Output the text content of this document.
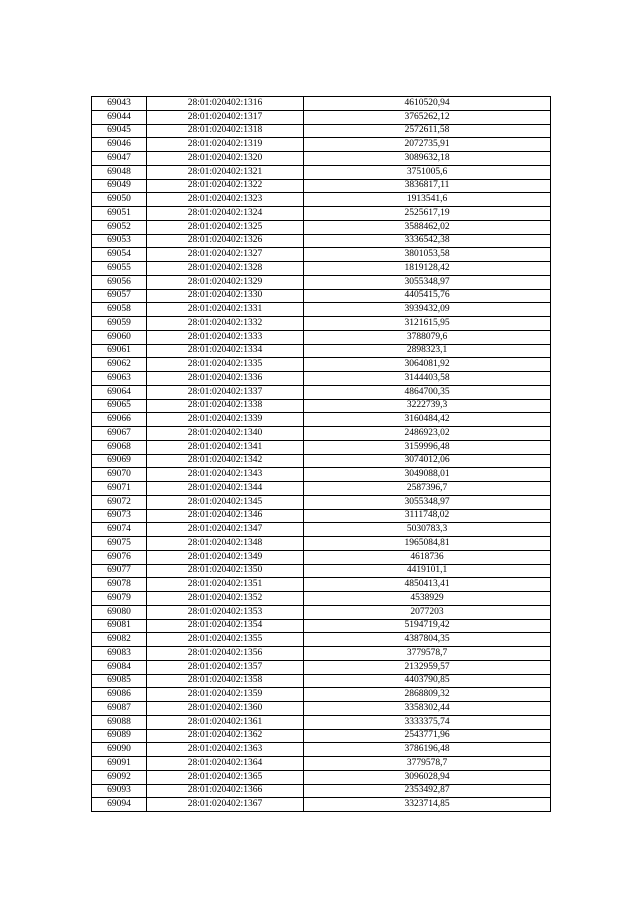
69043	28:01:020402:1316	4610520,94
69044	28:01:020402:1317	3765262,12
69045	28:01:020402:1318	2572611,58
69046	28:01:020402:1319	2072735,91
69047	28:01:020402:1320	3089632,18
69048	28:01:020402:1321	3751005,6
69049	28:01:020402:1322	3836817,11
69050	28:01:020402:1323	1913541,6
69051	28:01:020402:1324	2525617,19
69052	28:01:020402:1325	3588462,02
69053	28:01:020402:1326	3336542,38
69054	28:01:020402:1327	3801053,58
69055	28:01:020402:1328	1819128,42
69056	28:01:020402:1329	3055348,97
69057	28:01:020402:1330	4405415,76
69058	28:01:020402:1331	3939432,09
69059	28:01:020402:1332	3121615,95
69060	28:01:020402:1333	3788079,6
69061	28:01:020402:1334	2898323,1
69062	28:01:020402:1335	3064081,92
69063	28:01:020402:1336	3144403,58
69064	28:01:020402:1337	4864700,35
69065	28:01:020402:1338	3222739,3
69066	28:01:020402:1339	3160484,42
69067	28:01:020402:1340	2486923,02
69068	28:01:020402:1341	3159996,48
69069	28:01:020402:1342	3074012,06
69070	28:01:020402:1343	3049088,01
69071	28:01:020402:1344	2587396,7
69072	28:01:020402:1345	3055348,97
69073	28:01:020402:1346	3111748,02
69074	28:01:020402:1347	5030783,3
69075	28:01:020402:1348	1965084,81
69076	28:01:020402:1349	4618736
69077	28:01:020402:1350	4419101,1
69078	28:01:020402:1351	4850413,41
69079	28:01:020402:1352	4538929
69080	28:01:020402:1353	2077203
69081	28:01:020402:1354	5194719,42
69082	28:01:020402:1355	4387804,35
69083	28:01:020402:1356	3779578,7
69084	28:01:020402:1357	2132959,57
69085	28:01:020402:1358	4403790,85
69086	28:01:020402:1359	2868809,32
69087	28:01:020402:1360	3358302,44
69088	28:01:020402:1361	3333375,74
69089	28:01:020402:1362	2543771,96
69090	28:01:020402:1363	3786196,48
69091	28:01:020402:1364	3779578,7
69092	28:01:020402:1365	3096028,94
69093	28:01:020402:1366	2353492,87
69094	28:01:020402:1367	3323714,85
